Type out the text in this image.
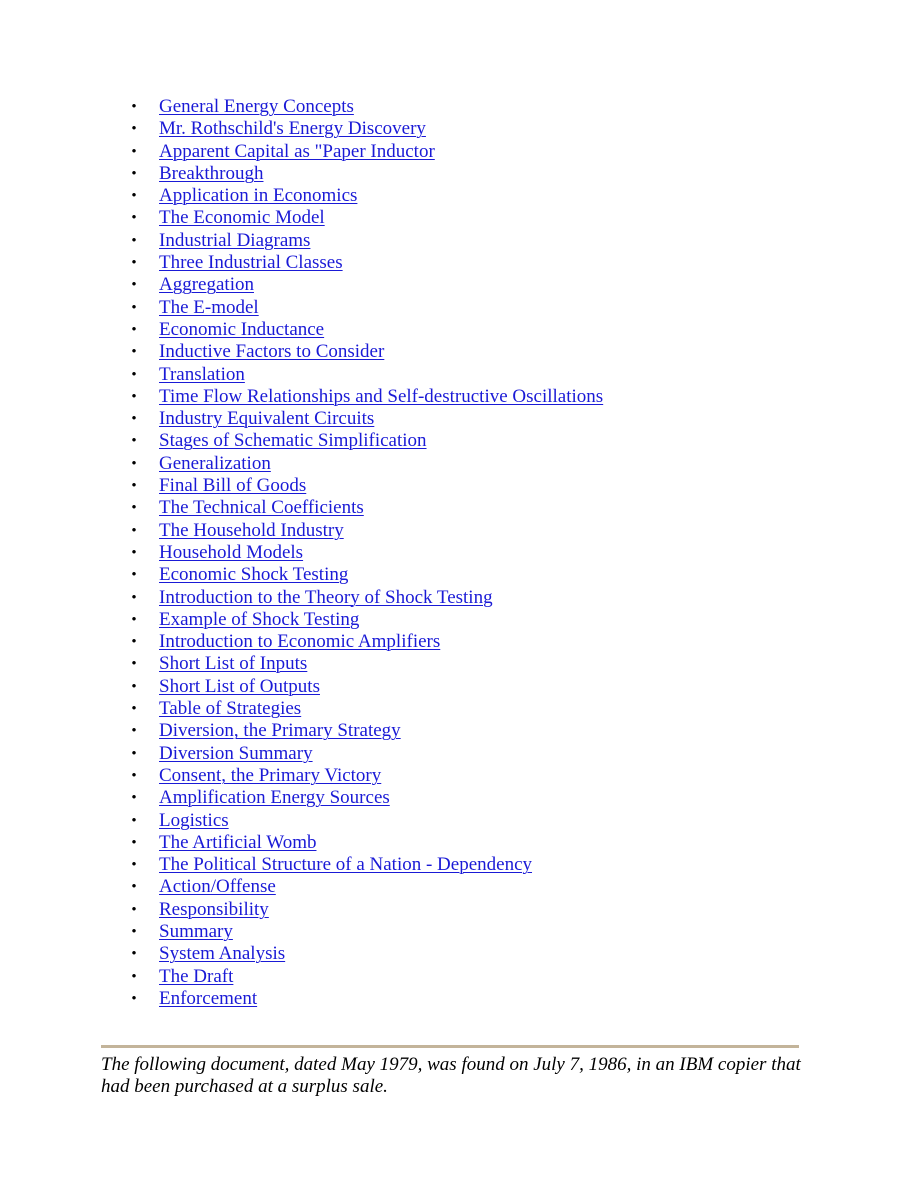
• General Energy Concepts
• Mr. Rothschild's Energy Discovery
• Apparent Capital as "Paper Inductor
• Breakthrough
• Application in Economics
• The Economic Model
• Industrial Diagrams
• Three Industrial Classes
• Aggregation
• The E-model
• Economic Inductance
• Inductive Factors to Consider
• Translation
• Time Flow Relationships and Self-destructive Oscillations
• Industry Equivalent Circuits
• Stages of Schematic Simplification
• Generalization
• Final Bill of Goods
• The Technical Coefficients
• The Household Industry
• Household Models
• Economic Shock Testing
• Introduction to the Theory of Shock Testing
• Example of Shock Testing
• Introduction to Economic Amplifiers
• Short List of Inputs
• Short List of Outputs
• Table of Strategies
• Diversion, the Primary Strategy
• Diversion Summary
• Consent, the Primary Victory
• Amplification Energy Sources
• Logistics
• The Artificial Womb
• The Political Structure of a Nation - Dependency
• Action/Offense
• Responsibility
• Summary
• System Analysis
• The Draft
• Enforcement

The following document, dated May 1979, was found on July 7, 1986, in an IBM copier that had been purchased at a surplus sale.
